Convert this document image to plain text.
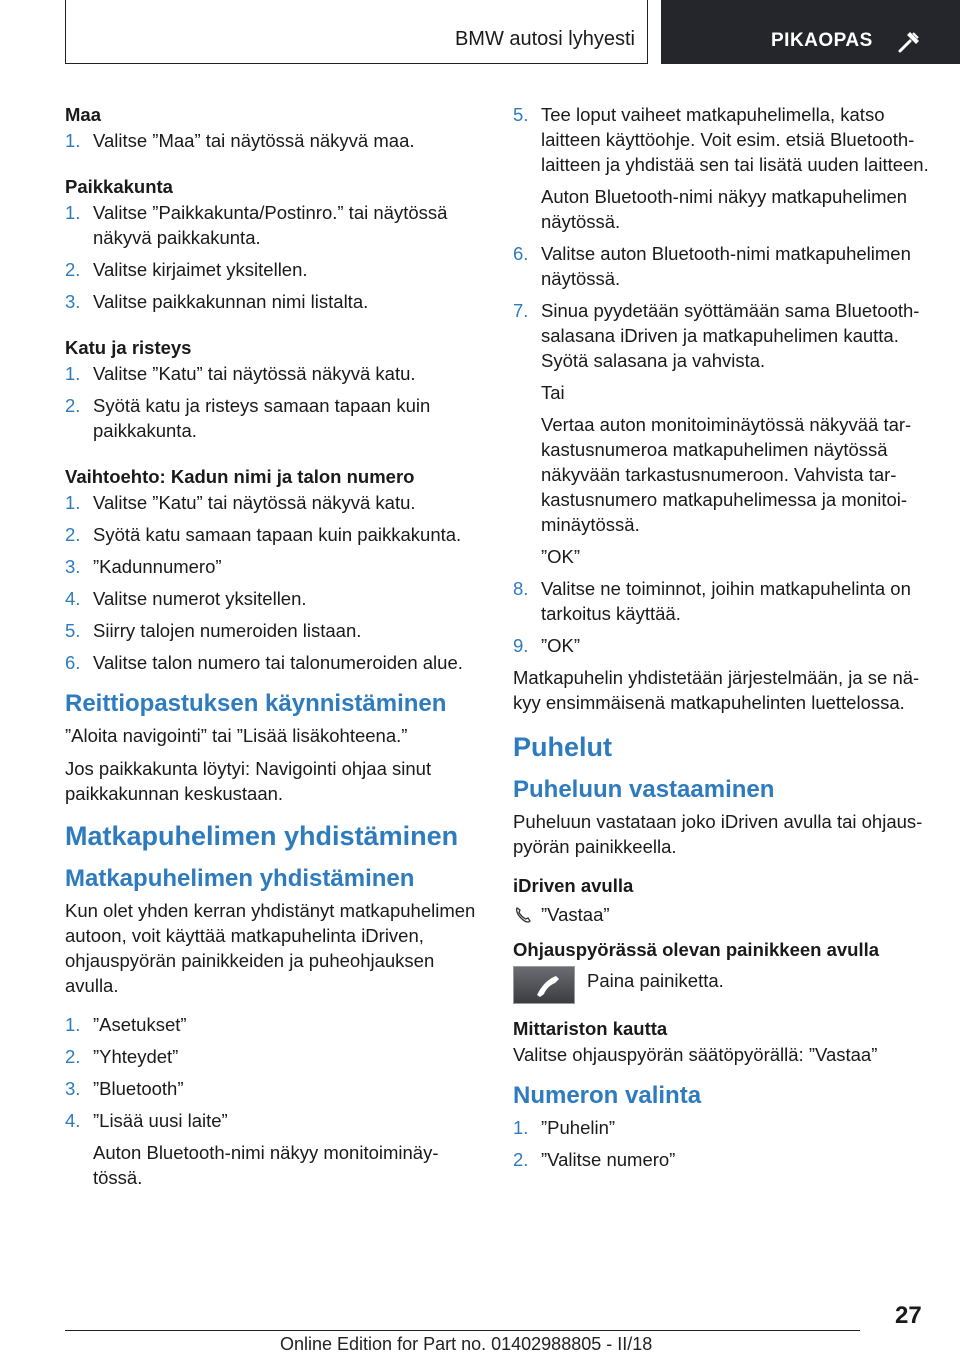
BMW autosi lyhyesti	PIKAOPAS
Maa
1. Valitse ”Maa” tai näytössä näkyvä maa.
Paikkakunta
1. Valitse ”Paikkakunta/Postinro.” tai näytössä näkyvä paikkakunta.
2. Valitse kirjaimet yksitellen.
3. Valitse paikkakunnan nimi listalta.
Katu ja risteys
1. Valitse ”Katu” tai näytössä näkyvä katu.
2. Syötä katu ja risteys samaan tapaan kuin paikkakunta.
Vaihtoehto: Kadun nimi ja talon numero
1. Valitse ”Katu” tai näytössä näkyvä katu.
2. Syötä katu samaan tapaan kuin paikkakunta.
3. ”Kadunnumero”
4. Valitse numerot yksitellen.
5. Siirry talojen numeroiden listaan.
6. Valitse talon numero tai talonumeroiden alue.
Reittiopastuksen käynnistäminen

”Aloita navigointi” tai ”Lisää lisäkohteena.”

Jos paikkakunta löytyi: Navigointi ohjaa sinut paikkakunnan keskustaan.

Matkapuhelimen yhdistäminen
Matkapuhelimen yhdistäminen

Kun olet yhden kerran yhdistänyt matkapuhelimen autoon, voit käyttää matkapuhelinta iDriven, ohjauspyörän painikkeiden ja puheohjauksen avulla.

1. ”Asetukset”
2. ”Yhteydet”
3. ”Bluetooth”
4. ”Lisää uusi laite”

Auton Bluetooth-nimi näkyy monitoiminäytössä.

5. Tee loput vaiheet matkapuhelimella, katso laitteen käyttöohje. Voit esim. etsiä Bluetooth-laitteen ja yhdistää sen tai lisätä uuden laitteen.

Auton Bluetooth-nimi näkyy matkapuhelimen näytössä.

6. Valitse auton Bluetooth-nimi matkapuhelimen näytössä.
7. Sinua pyydetään syöttämään sama Bluetooth-salasana iDriven ja matkapuhelimen kautta. Syötä salasana ja vahvista.

Tai

Vertaa auton monitoiminäytössä näkyvää tarkastusnumeroa matkapuhelimen näytössä näkyvään tarkastusnumeroon. Vahvista tarkastusnumero matkapuhelimessa ja monitoiminäytössä.

”OK”

8. Valitse ne toiminnot, joihin matkapuhelinta on tarkoitus käyttää.
9. ”OK”

Matkapuhelin yhdistetään järjestelmään, ja se näkyy ensimmäisenä matkapuhelinten luettelossa.

Puhelut
Puheluun vastaaminen

Puheluun vastataan joko iDriven avulla tai ohjauspyörän painikkeella.

iDriven avulla
”Vastaa”
Ohjauspyörässä olevan painikkeen avulla
Paina painiketta.
Mittariston kautta

Valitse ohjauspyörän säätöpyörällä: ”Vastaa”

Numeron valinta
1. ”Puhelin”
2. ”Valitse numero”
27
Online Edition for Part no. 01402988805 - II/18
